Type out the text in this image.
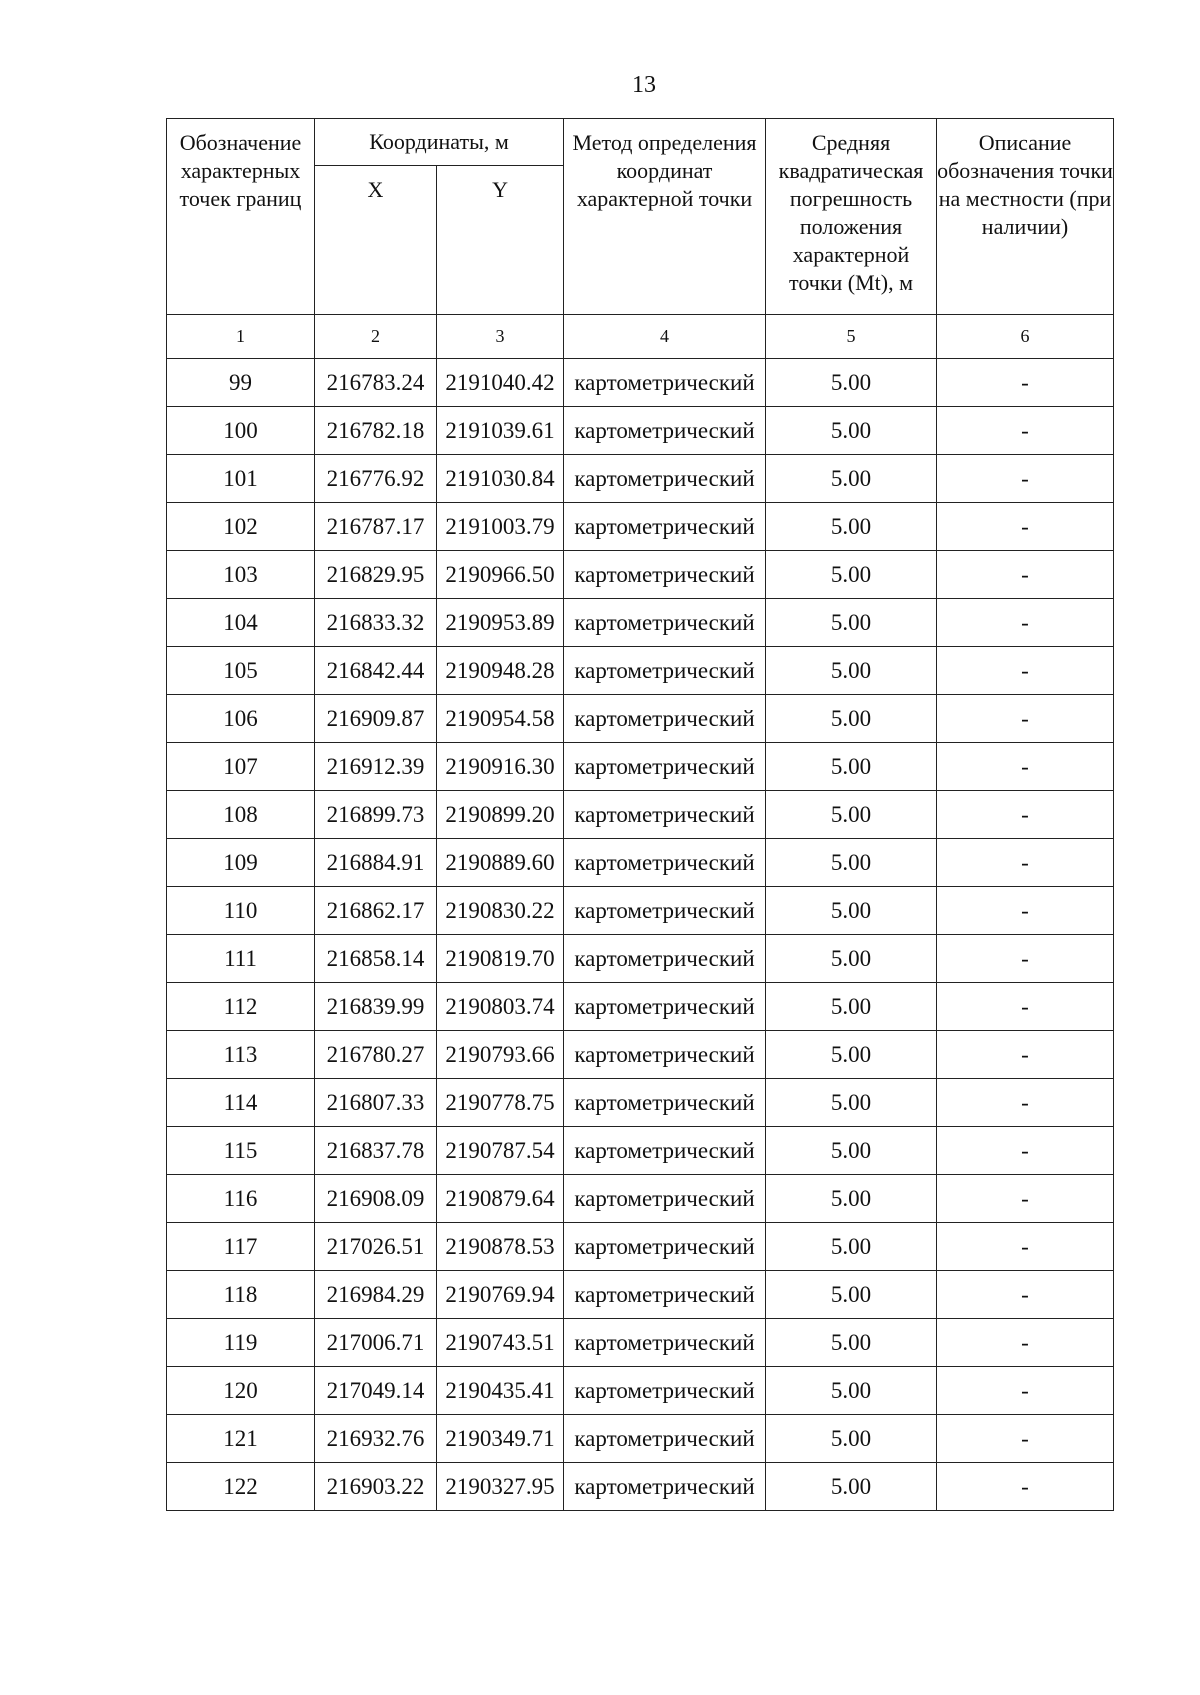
13
Обозначение характерных точек границ	Координаты, м		Метод определения координат характерной точки	Средняя квадратическая погрешность положения характерной точки (Mt), м	Описание обозначения точки на местности (при наличии)
	X	Y			
1	2	3	4	5	6
99	216783.24	2191040.42	картометрический	5.00	-
100	216782.18	2191039.61	картометрический	5.00	-
101	216776.92	2191030.84	картометрический	5.00	-
102	216787.17	2191003.79	картометрический	5.00	-
103	216829.95	2190966.50	картометрический	5.00	-
104	216833.32	2190953.89	картометрический	5.00	-
105	216842.44	2190948.28	картометрический	5.00	-
106	216909.87	2190954.58	картометрический	5.00	-
107	216912.39	2190916.30	картометрический	5.00	-
108	216899.73	2190899.20	картометрический	5.00	-
109	216884.91	2190889.60	картометрический	5.00	-
110	216862.17	2190830.22	картометрический	5.00	-
111	216858.14	2190819.70	картометрический	5.00	-
112	216839.99	2190803.74	картометрический	5.00	-
113	216780.27	2190793.66	картометрический	5.00	-
114	216807.33	2190778.75	картометрический	5.00	-
115	216837.78	2190787.54	картометрический	5.00	-
116	216908.09	2190879.64	картометрический	5.00	-
117	217026.51	2190878.53	картометрический	5.00	-
118	216984.29	2190769.94	картометрический	5.00	-
119	217006.71	2190743.51	картометрический	5.00	-
120	217049.14	2190435.41	картометрический	5.00	-
121	216932.76	2190349.71	картометрический	5.00	-
122	216903.22	2190327.95	картометрический	5.00	-
